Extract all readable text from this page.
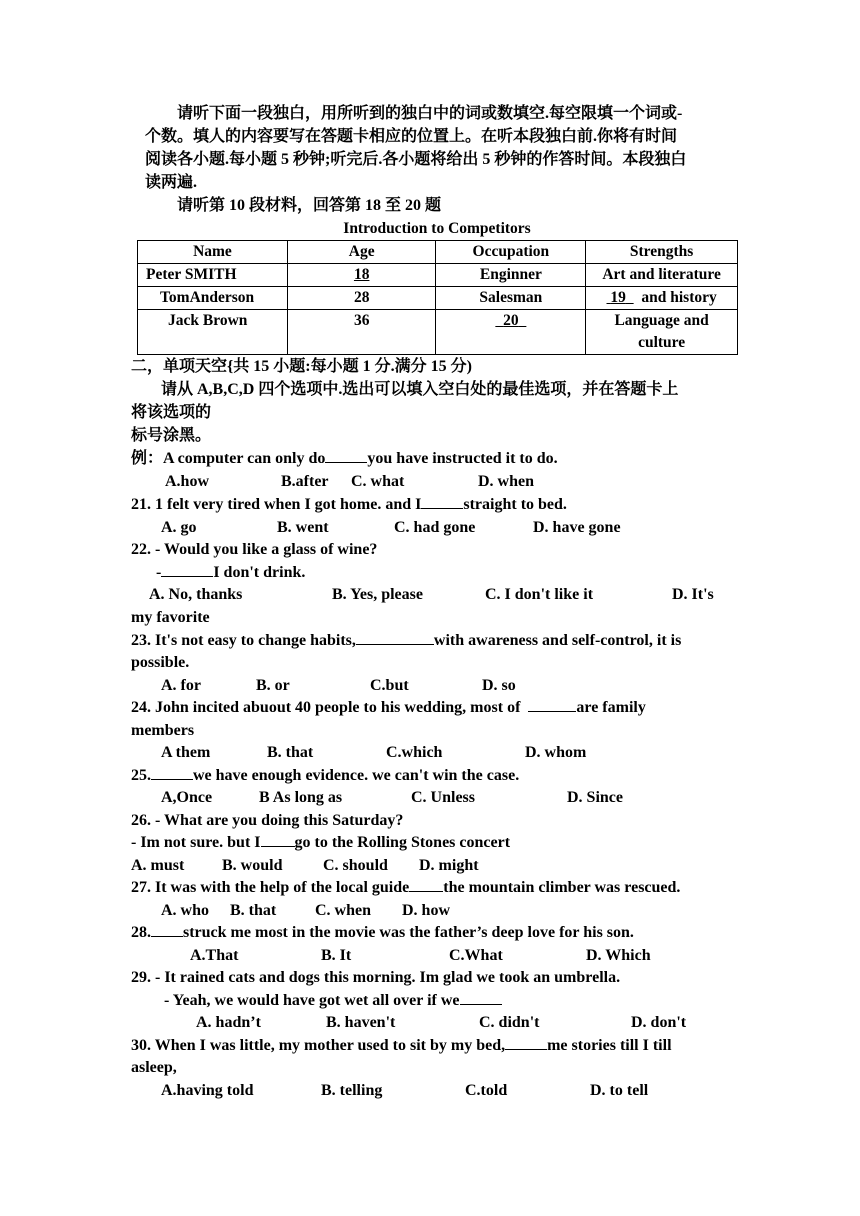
请听下面一段独白，用所听到的独白中的词或数填空.每空限填一个词或-
个数。填人的内容要写在答题卡相应的位置上。在听本段独白前.你将有时间
阅读各小题.每小题 5 秒钟;听完后.各小题将给出 5 秒钟的作答时间。本段独白
读两遍.
请听第 10 段材料，回答第 18 至 20 题
Introduction to Competitors
Name	Age	Occupation	Strengths
Peter SMITH	18	Enginner	Art and literature
TomAnderson	28	Salesman	19 and history
Jack Brown	36	20	Language and
culture
二，单项天空{共 15 小题:每小题 1 分.满分 15 分)
请从 A,B,C,D 四个选项中.选出可以填入空白处的最佳选项，并在答题卡上
将该选项的
标号涂黑。
例：A computer can only do	you have instructed it to do.
A.how	B.after C. what	D. when
21. 1 felt very tired when I got home. and I	straight to bed.
A. go	B. went	C. had gone	D. have gone
22. - Would you like a glass of wine?
-	I don't drink.
A. No, thanks	B. Yes, please	C. I don't like it	D. It's
my favorite
23. It's not easy to change habits,	with awareness and self-control, it is
possible.
A. for	B. or	C.but	D. so
24. John incited abuout 40 people to his wedding, most of	are family
members
A them	B. that	C.which	D. whom
25.	we have enough evidence. we can't win the case.
A,Once	B As long as	C. Unless	D. Since
26. - What are you doing this Saturday?
- Im not sure. but I go to the Rolling Stones concert
A. must B. would	C. should D. might
27. It was with the help of the local guide the mountain climber was rescued.
A. who B. that C. when D. how
28. struck me most in the movie was the father’s deep love for his son.
A.That	B. It	C.What	D. Which
29. - It rained cats and dogs this morning. Im glad we took an umbrella.
- Yeah, we would have got wet all over if we
A. hadn’t	B. haven't	C. didn't	D. don't
30. When I was little, my mother used to sit by my bed,	me stories till I till
asleep,
A.having told	B. telling	C.told	D. to tell
